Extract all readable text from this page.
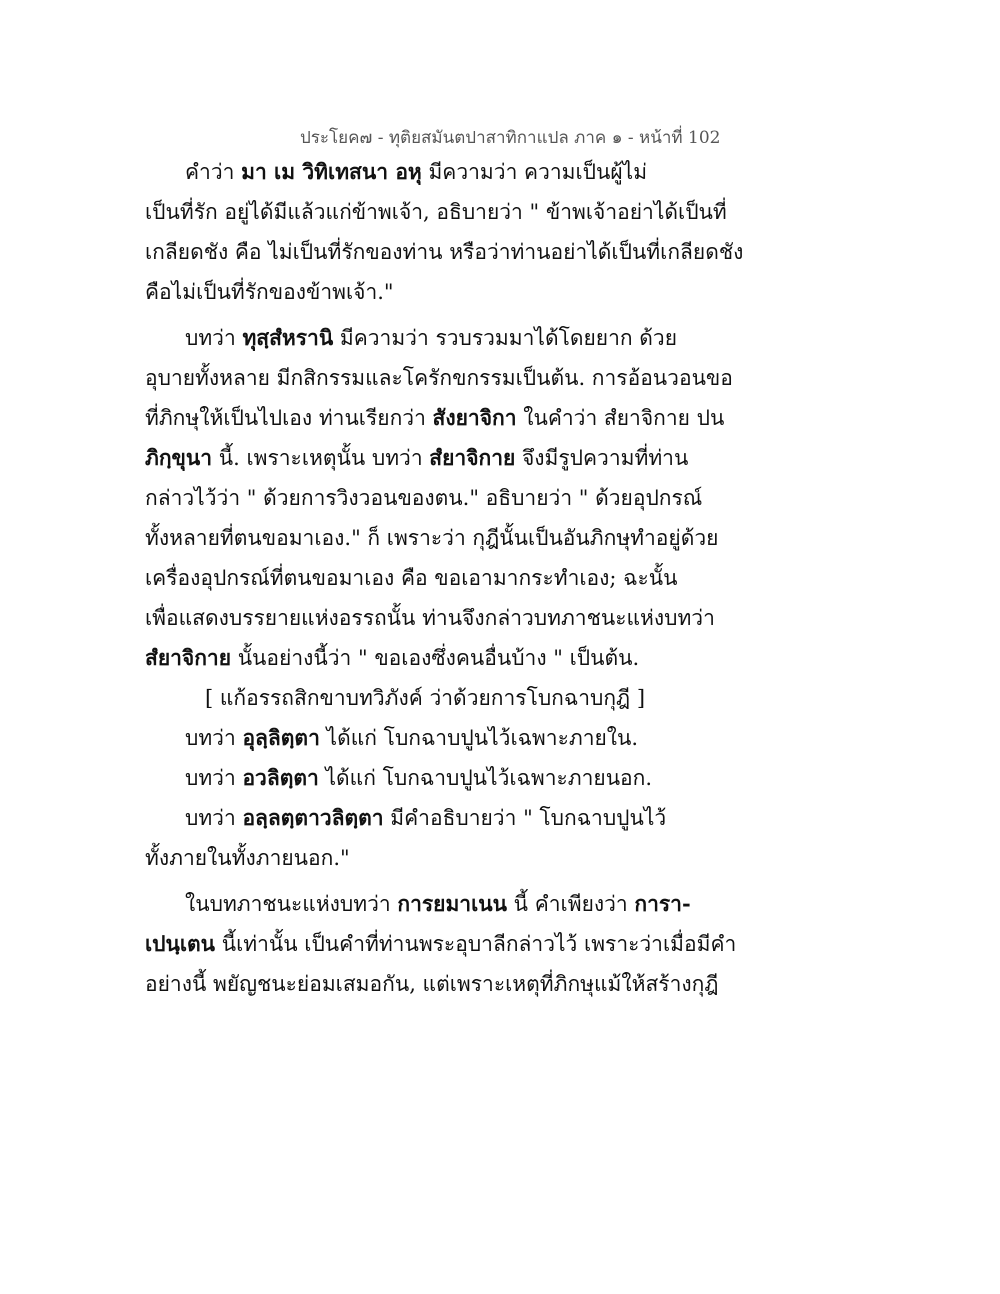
ประโยค๗ - ทุติยสมันตปาสาทิกาแปล ภาค ๑ - หน้าที่ 102
คำว่า มา เม วิทิเทสนา อหุ มีความว่า ความเป็นผู้ไม่
เป็นที่รัก อยู่ได้มีแล้วแก่ข้าพเจ้า, อธิบายว่า " ข้าพเจ้าอย่าได้เป็นที่
เกลียดชัง คือ ไม่เป็นที่รักของท่าน หรือว่าท่านอย่าได้เป็นที่เกลียดชัง
คือไม่เป็นที่รักของข้าพเจ้า."
บทว่า ทุสฺสํหรานิ มีความว่า รวบรวมมาได้โดยยาก ด้วย
อุบายทั้งหลาย มีกสิกรรมและโครักขกรรมเป็นต้น. การอ้อนวอนขอ
ที่ภิกษุให้เป็นไปเอง ท่านเรียกว่า สังยาจิกา ในคำว่า สํยาจิกาย ปน
ภิกฺขุนา นี้. เพราะเหตุนั้น บทว่า สํยาจิกาย จึงมีรูปความที่ท่าน
กล่าวไว้ว่า " ด้วยการวิงวอนของตน." อธิบายว่า " ด้วยอุปกรณ์
ทั้งหลายที่ตนขอมาเอง." ก็ เพราะว่า กุฎีนั้นเป็นอันภิกษุทำอยู่ด้วย
เครื่องอุปกรณ์ที่ตนขอมาเอง คือ ขอเอามากระทำเอง; ฉะนั้น
เพื่อแสดงบรรยายแห่งอรรถนั้น ท่านจึงกล่าวบทภาชนะแห่งบทว่า
สํยาจิกาย นั้นอย่างนี้ว่า " ขอเองซึ่งคนอื่นบ้าง " เป็นต้น.
[ แก้อรรถสิกขาบทวิภังค์ ว่าด้วยการโบกฉาบกุฎี ]
บทว่า อุลฺลิตฺตา ได้แก่ โบกฉาบปูนไว้เฉพาะภายใน.
บทว่า อวลิตฺตา ได้แก่ โบกฉาบปูนไว้เฉพาะภายนอก.
บทว่า อลฺลตฺตาวลิตฺตา มีคำอธิบายว่า " โบกฉาบปูนไว้
ทั้งภายในทั้งภายนอก."
ในบทภาชนะแห่งบทว่า การยมาเนน นี้ คำเพียงว่า การา-
เปนฺเตน นี้เท่านั้น เป็นคำที่ท่านพระอุบาลีกล่าวไว้ เพราะว่าเมื่อมีคำ
อย่างนี้ พยัญชนะย่อมเสมอกัน, แต่เพราะเหตุที่ภิกษุแม้ให้สร้างกุฎี
